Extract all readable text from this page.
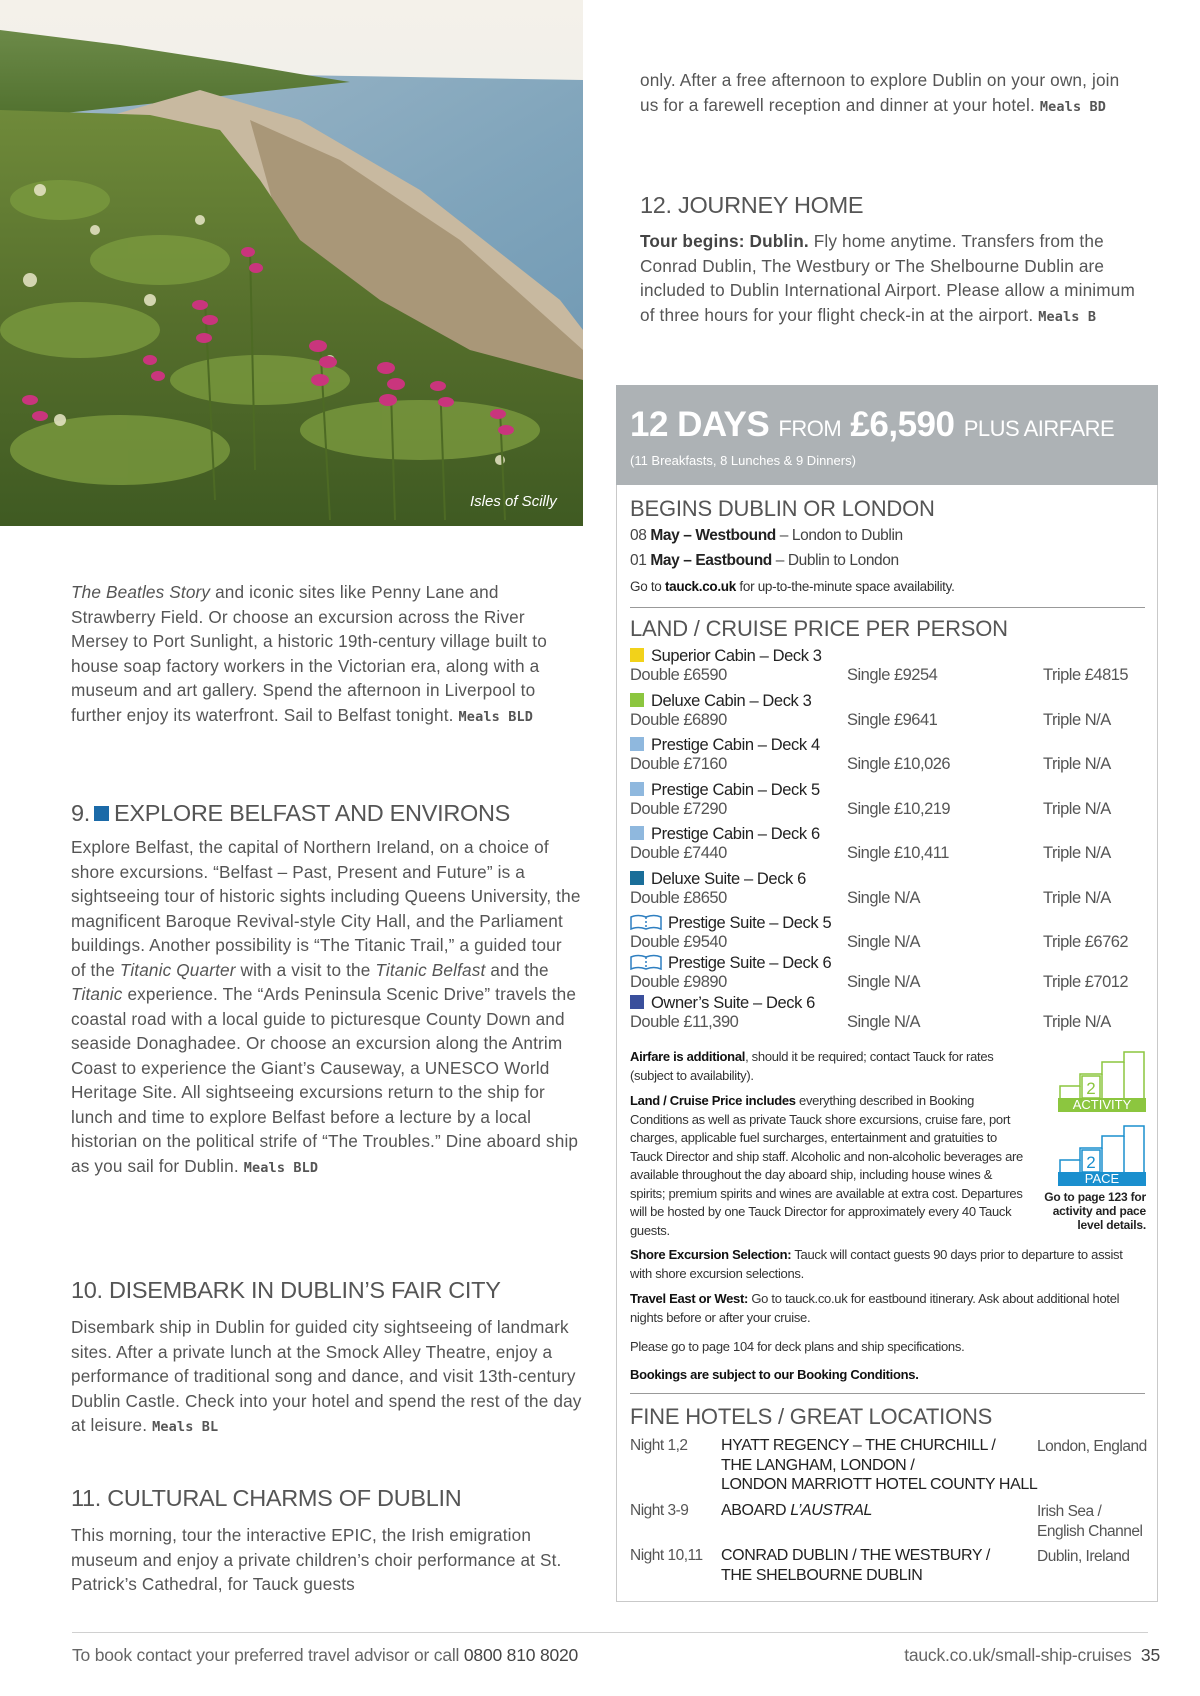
Isles of Scilly
The Beatles Story and iconic sites like Penny Lane and Strawberry Field. Or choose an excursion across the River Mersey to Port Sunlight, a historic 19th-century village built to house soap factory workers in the Victorian era, along with a museum and art gallery. Spend the afternoon in Liverpool to further enjoy its waterfront. Sail to Belfast tonight. Meals BLD
9. EXPLORE BELFAST AND ENVIRONS
Explore Belfast, the capital of Northern Ireland, on a choice of shore excursions. “Belfast – Past, Present and Future” is a sightseeing tour of historic sights including Queens University, the magnificent Baroque Revival-style City Hall, and the Parliament buildings. Another possibility is “The Titanic Trail,” a guided tour of the Titanic Quarter with a visit to the Titanic Belfast and the Titanic experience. The “Ards Peninsula Scenic Drive” travels the coastal road with a local guide to picturesque County Down and seaside Donaghadee. Or choose an excursion along the Antrim Coast to experience the Giant’s Causeway, a UNESCO World Heritage Site. All sightseeing excursions return to the ship for lunch and time to explore Belfast before a lecture by a local historian on the political strife of “The Troubles.” Dine aboard ship as you sail for Dublin. Meals BLD
10. DISEMBARK IN DUBLIN’S FAIR CITY
Disembark ship in Dublin for guided city sightseeing of landmark sites. After a private lunch at the Smock Alley Theatre, enjoy a performance of traditional song and dance, and visit 13th-century Dublin Castle. Check into your hotel and spend the rest of the day at leisure. Meals BL
11. CULTURAL CHARMS OF DUBLIN
This morning, tour the interactive EPIC, the Irish emigration museum and enjoy a private children’s choir performance at St. Patrick’s Cathedral, for Tauck guests
only. After a free afternoon to explore Dublin on your own, join us for a farewell reception and dinner at your hotel. Meals BD
12. JOURNEY HOME
Tour begins: Dublin. Fly home anytime. Transfers from the Conrad Dublin, The Westbury or The Shelbourne Dublin are included to Dublin International Airport. Please allow a minimum of three hours for your flight check-in at the airport. Meals B
12 DAYS FROM £6,590 PLUS AIRFARE
(11 Breakfasts, 8 Lunches & 9 Dinners)
BEGINS DUBLIN OR LONDON
08 May – Westbound – London to Dublin
01 May – Eastbound – Dublin to London
Go to tauck.co.uk for up-to-the-minute space availability.
LAND / CRUISE PRICE PER PERSON
Superior Cabin – Deck 3
Double £6590	Single £9254	Triple £4815
Deluxe Cabin – Deck 3
Double £6890	Single £9641	Triple N/A
Prestige Cabin – Deck 4
Double £7160	Single £10,026	Triple N/A
Prestige Cabin – Deck 5
Double £7290	Single £10,219	Triple N/A
Prestige Cabin – Deck 6
Double £7440	Single £10,411	Triple N/A
Deluxe Suite – Deck 6
Double £8650	Single N/A	Triple N/A
Prestige Suite – Deck 5
Double £9540	Single N/A	Triple £6762
Prestige Suite – Deck 6
Double £9890	Single N/A	Triple £7012
Owner’s Suite – Deck 6
Double £11,390	Single N/A	Triple N/A
Airfare is additional, should it be required; contact Tauck for rates (subject to availability).
Land / Cruise Price includes everything described in Booking Conditions as well as private Tauck shore excursions, cruise fare, port charges, applicable fuel surcharges, entertainment and gratuities to Tauck Director and ship staff. Alcoholic and non-alcoholic beverages are available throughout the day aboard ship, including house wines & spirits; premium spirits and wines are available at extra cost. Departures will be hosted by one Tauck Director for approximately every 40 Tauck guests.
2
ACTIVITY
2
PACE
Go to page 123 for activity and pace level details.
Shore Excursion Selection: Tauck will contact guests 90 days prior to departure to assist with shore excursion selections.
Travel East or West: Go to tauck.co.uk for eastbound itinerary. Ask about additional hotel nights before or after your cruise.
Please go to page 104 for deck plans and ship specifications.
Bookings are subject to our Booking Conditions.
FINE HOTELS / GREAT LOCATIONS
Night 1,2 HYATT REGENCY – THE CHURCHILL /
THE LANGHAM, LONDON /
LONDON MARRIOTT HOTEL COUNTY HALL
London, England
Night 3-9 ABOARD L’AUSTRAL	Irish Sea /
English Channel
Night 10,11 CONRAD DUBLIN / THE WESTBURY /
THE SHELBOURNE DUBLIN
Dublin, Ireland
To book contact your preferred travel advisor or call 0800 810 8020	tauck.co.uk/small-ship-cruises 35
